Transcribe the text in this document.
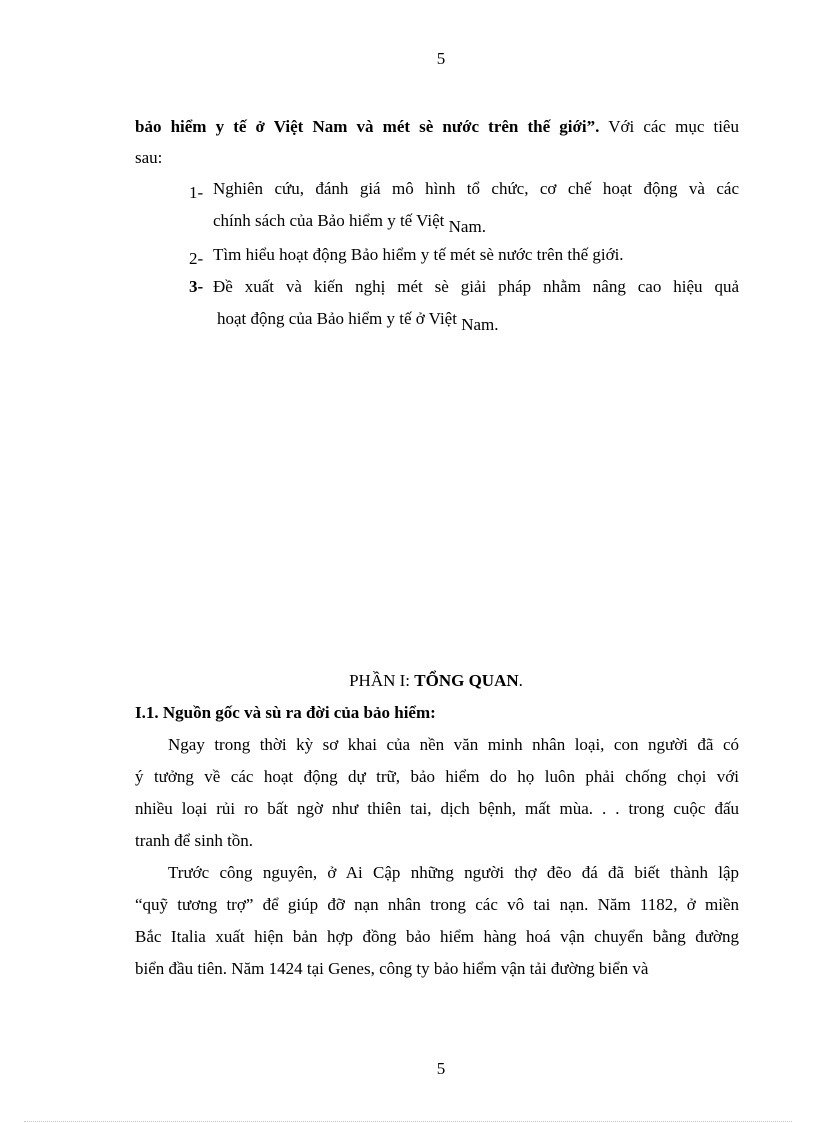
5
bảo hiểm y tế ở Việt Nam và mét sè nước trên thế giới”. Với các mục tiêu
sau:
1- Nghiên cứu, đánh giá mô hình tổ chức, cơ chế hoạt động và các
chính sách của Bảo hiểm y tế Việt Nam.
2- Tìm hiểu hoạt động Bảo hiểm y tế mét sè nước trên thế giới.
3- Đề xuất và kiến nghị mét sè giải pháp nhằm nâng cao hiệu quả
hoạt động của Bảo hiểm y tế ở Việt Nam.
PHẦN I: TỔNG QUAN.
I.1. Nguồn gốc và sù ra đời của bảo hiểm:
Ngay trong thời kỳ sơ khai của nền văn minh nhân loại, con người đã có
ý tưởng về các hoạt động dự trữ, bảo hiểm do họ luôn phải chống chọi với
nhiều loại rủi ro bất ngờ như thiên tai, dịch bệnh, mất mùa. . . trong cuộc đấu
tranh để sinh tồn.
Trước công nguyên, ở Ai Cập những người thợ đẽo đá đã biết thành lập
“quỹ tương trợ” để giúp đỡ nạn nhân trong các vô tai nạn. Năm 1182, ở miền
Bắc Italia xuất hiện bản hợp đồng bảo hiểm hàng hoá vận chuyển bằng đường
biển đầu tiên. Năm 1424 tại Genes, công ty bảo hiểm vận tải đường biển và
5
